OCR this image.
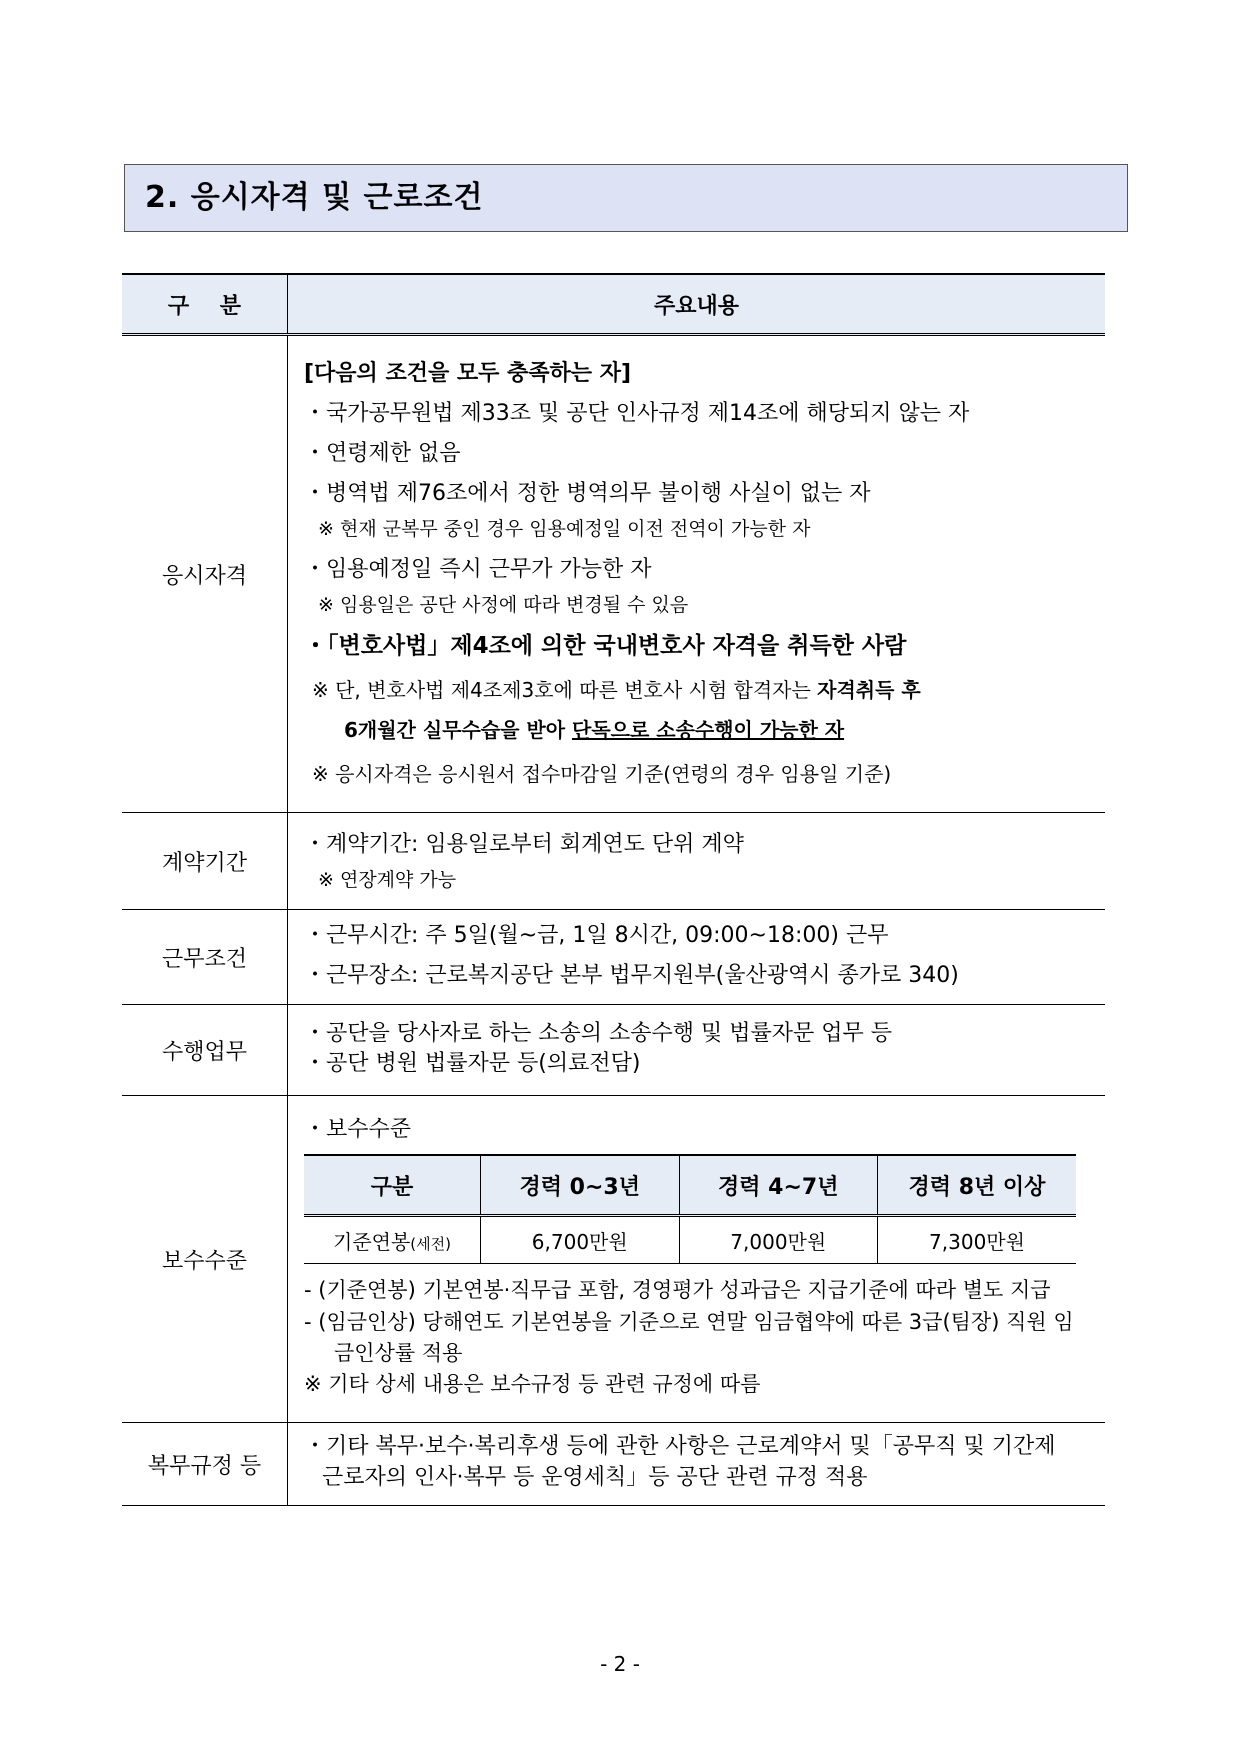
2. 응시자격 및 근로조건
구    분	주요내용
응시자격	
[다음의 조건을 모두 충족하는 자]
・국가공무원법 제33조 및 공단 인사규정 제14조에 해당되지 않는 자
・연령제한 없음
・병역법 제76조에서 정한 병역의무 불이행 사실이 없는 자
※ 현재 군복무 중인 경우 임용예정일 이전 전역이 가능한 자
・임용예정일 즉시 근무가 가능한 자
※ 임용일은 공단 사정에 따라 변경될 수 있음
・「변호사법」제4조에 의한 국내변호사 자격을 취득한 사람
※ 단, 변호사법 제4조제3호에 따른 변호사 시험 합격자는 자격취득 후
6개월간 실무수습을 받아 단독으로 소송수행이 가능한 자
※ 응시자격은 응시원서 접수마감일 기준(연령의 경우 임용일 기준)

계약기간	
・계약기간: 임용일로부터 회계연도 단위 계약
※ 연장계약 가능

근무조건	
・근무시간: 주 5일(월~금, 1일 8시간, 09:00~18:00) 근무
・근무장소: 근로복지공단 본부 법무지원부(울산광역시 종가로 340)

수행업무	
・공단을 당사자로 하는 소송의 소송수행 및 법률자문 업무 등
・공단 병원 법률자문 등(의료전담)

보수수준	
・보수수준
구분	경력 0~3년	경력 4~7년	경력 8년 이상
기준연봉(세전)	6,700만원	7,000만원	7,300만원
- (기준연봉) 기본연봉·직무급 포함, 경영평가 성과급은 지급기준에 따라 별도 지급
- (임금인상) 당해연도 기본연봉을 기준으로 연말 임금협약에 따른 3급(팀장) 직원 임
금인상률 적용
※ 기타 상세 내용은 보수규정 등 관련 규정에 따름

복무규정 등	
・기타 복무·보수·복리후생 등에 관한 사항은 근로계약서 및「공무직 및 기간제
근로자의 인사·복무 등 운영세칙」등 공단 관련 규정 적용
- 2 -
